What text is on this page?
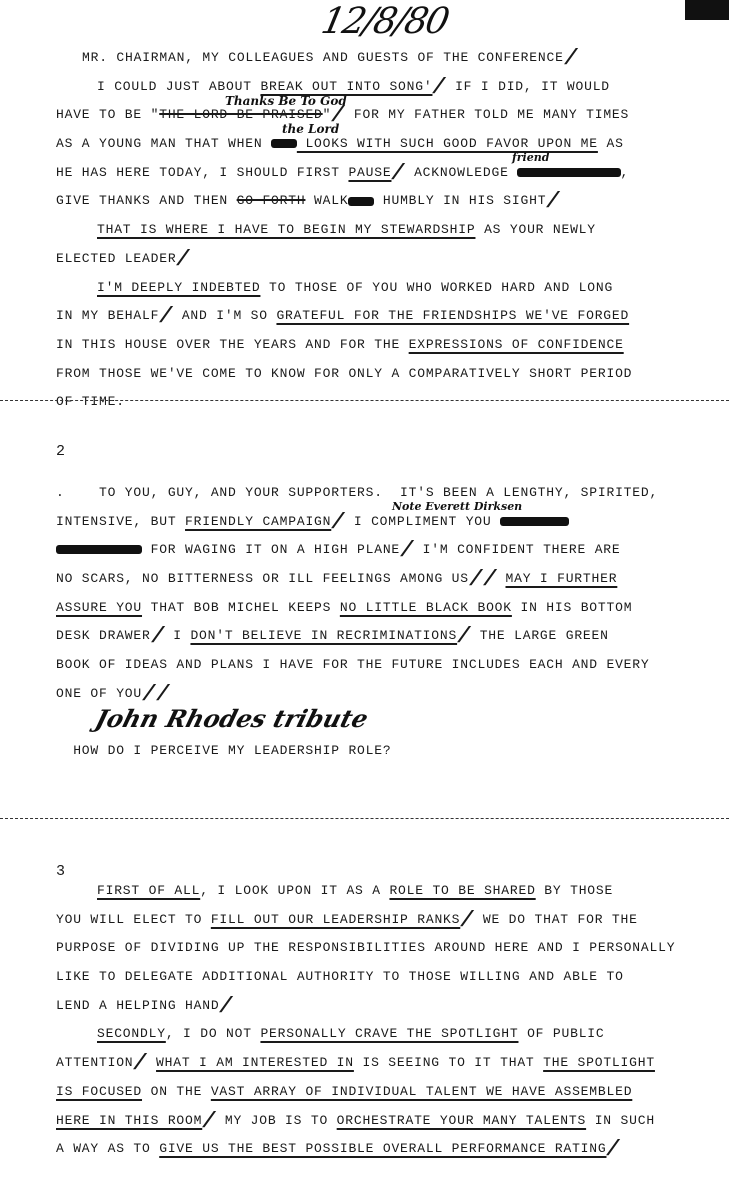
12/8/80
MR. CHAIRMAN, MY COLLEAGUES AND GUESTS OF THE CONFERENCE/
I COULD JUST ABOUT BREAK OUT INTO SONG'/ IF I DID, IT WOULD
HAVE TO BE "THE LORD BE PRAISED"/ FOR MY FATHER TOLD ME MANY TIMES
AS A YOUNG MAN THAT WHEN  LOOKS WITH SUCH GOOD FAVOR UPON ME AS
HE HAS HERE TODAY, I SHOULD FIRST PAUSE/ ACKNOWLEDGE	,
GIVE THANKS AND THEN GO FORTH WALK HUMBLY IN HIS SIGHT/
THAT IS WHERE I HAVE TO BEGIN MY STEWARDSHIP AS YOUR NEWLY
ELECTED LEADER/
I'M DEEPLY INDEBTED TO THOSE OF YOU WHO WORKED HARD AND LONG
IN MY BEHALF/ AND I'M SO GRATEFUL FOR THE FRIENDSHIPS WE'VE FORGED
IN THIS HOUSE OVER THE YEARS AND FOR THE EXPRESSIONS OF CONFIDENCE
FROM THOSE WE'VE COME TO KNOW FOR ONLY A COMPARATIVELY SHORT PERIOD
OF TIME.
2
.    TO YOU, GUY, AND YOUR SUPPORTERS.  IT'S BEEN A LENGTHY, SPIRITED,
INTENSIVE, BUT FRIENDLY CAMPAIGN/ I COMPLIMENT YOU
FOR WAGING IT ON A HIGH PLANE/ I'M CONFIDENT THERE ARE
NO SCARS, NO BITTERNESS OR ILL FEELINGS AMONG US// MAY I FURTHER
ASSURE YOU THAT BOB MICHEL KEEPS NO LITTLE BLACK BOOK IN HIS BOTTOM
DESK DRAWER/ I DON'T BELIEVE IN RECRIMINATIONS/ THE LARGE GREEN
BOOK OF IDEAS AND PLANS I HAVE FOR THE FUTURE INCLUDES EACH AND EVERY
ONE OF YOU//
HOW DO I PERCEIVE MY LEADERSHIP ROLE?
3
FIRST OF ALL, I LOOK UPON IT AS A ROLE TO BE SHARED BY THOSE
YOU WILL ELECT TO FILL OUT OUR LEADERSHIP RANKS/ WE DO THAT FOR THE
PURPOSE OF DIVIDING UP THE RESPONSIBILITIES AROUND HERE AND I PERSONALLY
LIKE TO DELEGATE ADDITIONAL AUTHORITY TO THOSE WILLING AND ABLE TO
LEND A HELPING HAND/
SECONDLY, I DO NOT PERSONALLY CRAVE THE SPOTLIGHT OF PUBLIC
ATTENTION/ WHAT I AM INTERESTED IN IS SEEING TO IT THAT THE SPOTLIGHT
IS FOCUSED ON THE VAST ARRAY OF INDIVIDUAL TALENT WE HAVE ASSEMBLED
HERE IN THIS ROOM/ MY JOB IS TO ORCHESTRATE YOUR MANY TALENTS IN SUCH
A WAY AS TO GIVE US THE BEST POSSIBLE OVERALL PERFORMANCE RATING/
Thanks Be To God
the Lord
friend
Note Everett Dirksen
John Rhodes tribute
